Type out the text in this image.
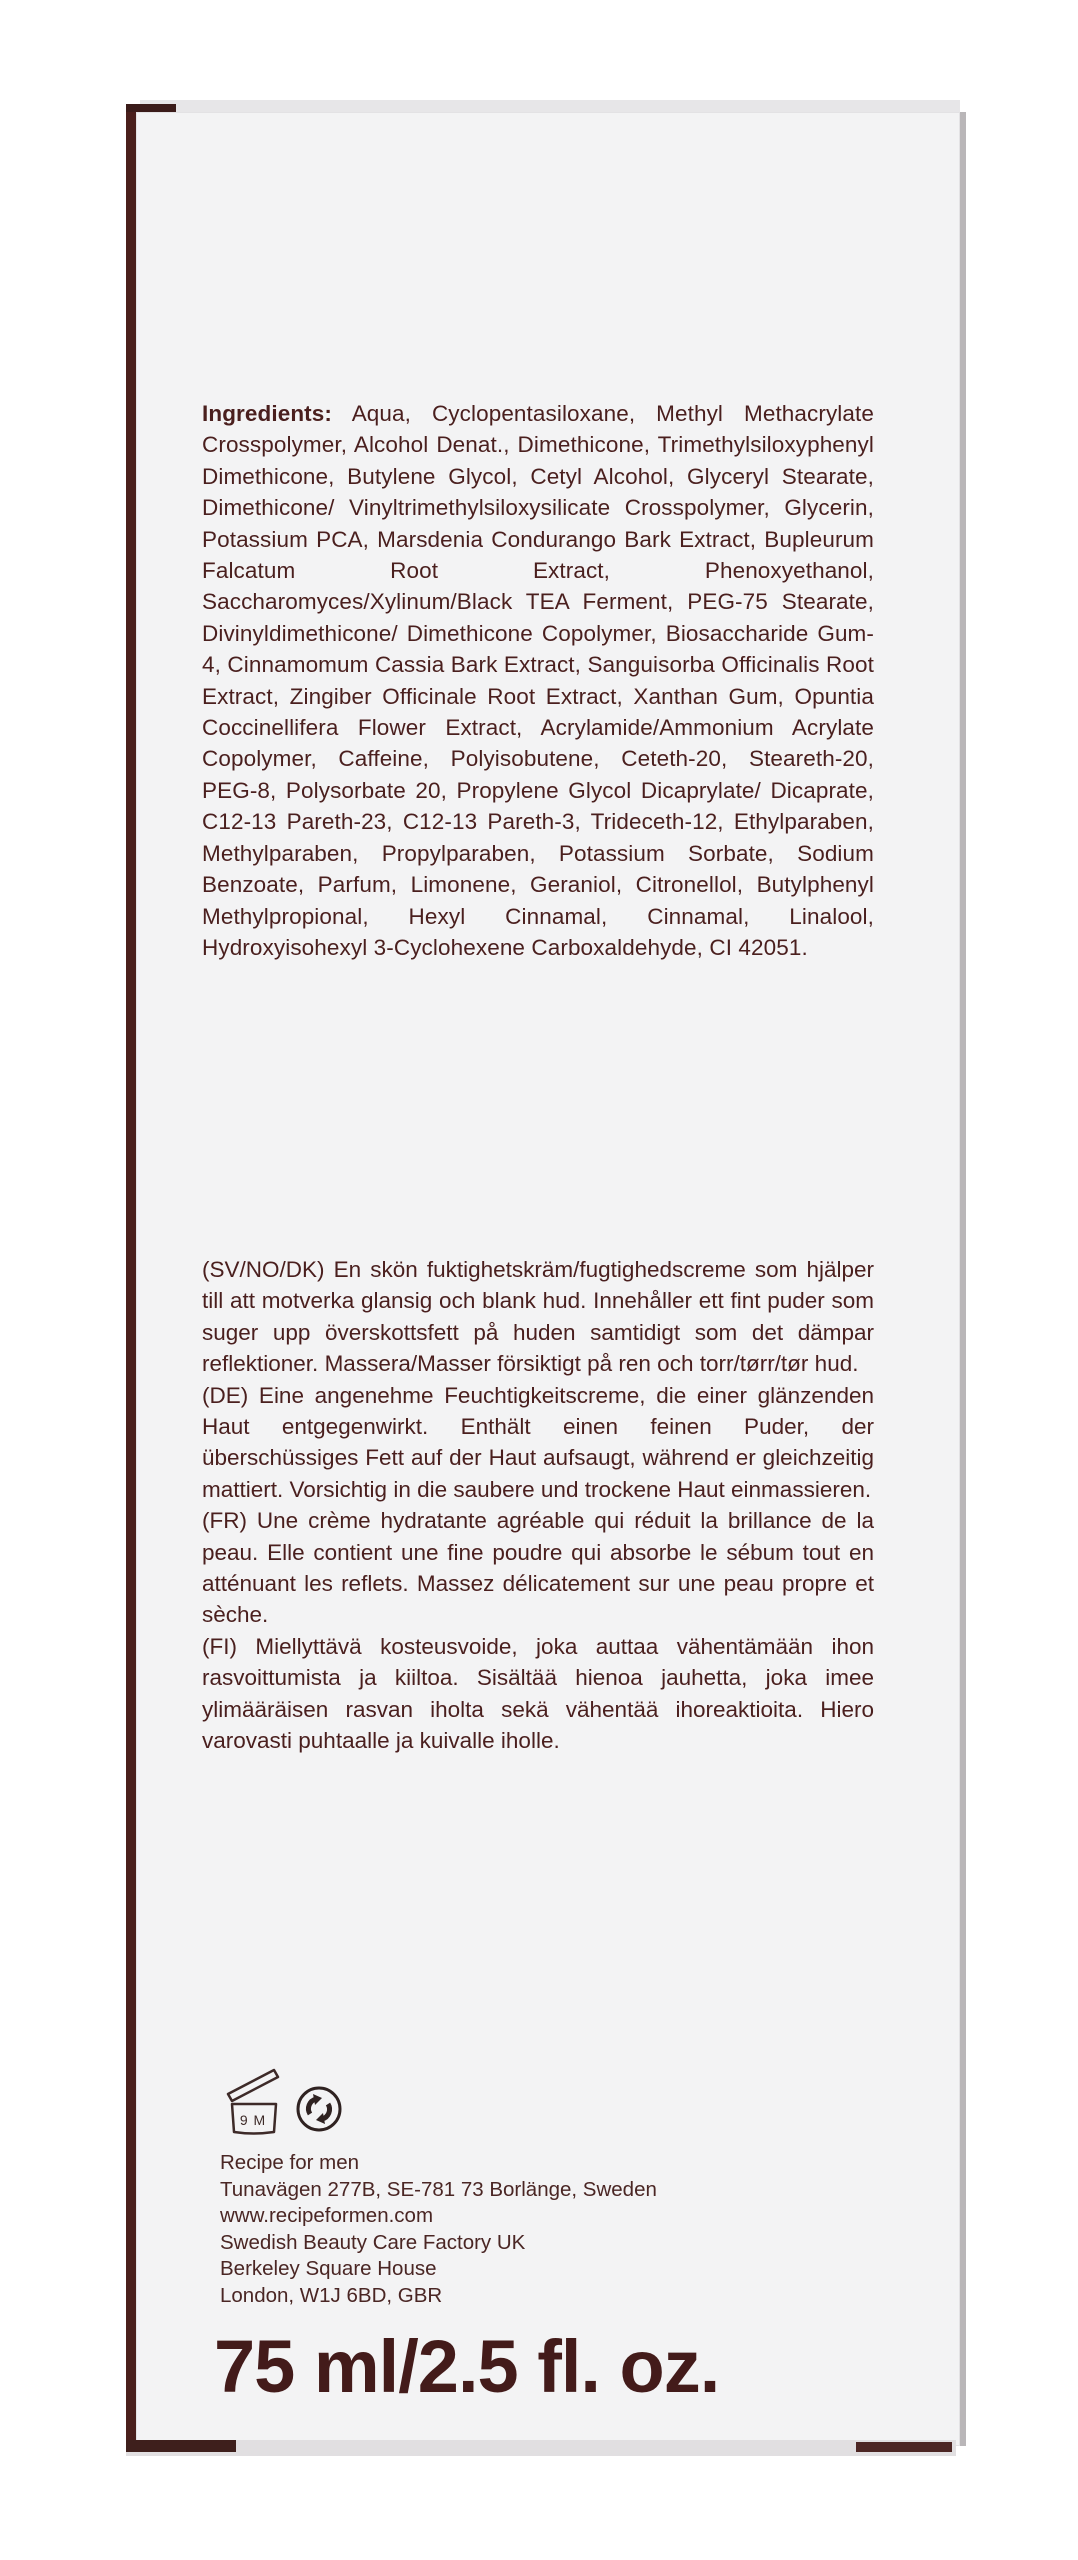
Ingredients: Aqua, Cyclopentasiloxane, Methyl Methacrylate Crosspolymer, Alcohol Denat., Dimethicone, Trimethylsiloxyphenyl Dimethicone, Butylene Glycol, Cetyl Alcohol, Glyceryl Stearate, Dimethicone/ Vinyltrimethylsiloxysilicate Crosspolymer, Glycerin, Potassium PCA, Marsdenia Condurango Bark Extract, Bupleurum Falcatum Root Extract, Phenoxyethanol, Saccharomyces/Xylinum/Black TEA Ferment, PEG-75 Stearate, Divinyldimethicone/ Dimethicone Copolymer, Biosaccharide Gum-4, Cinnamomum Cassia Bark Extract, Sanguisorba Officinalis Root Extract, Zingiber Officinale Root Extract, Xanthan Gum, Opuntia Coccinellifera Flower Extract, Acrylamide/Ammonium Acrylate Copolymer, Caffeine, Polyisobutene, Ceteth-20, Steareth-20, PEG-8, Polysorbate 20, Propylene Glycol Dicaprylate/ Dicaprate, C12-13 Pareth-23, C12-13 Pareth-3, Trideceth-12, Ethylparaben, Methylparaben, Propylparaben, Potassium Sorbate, Sodium Benzoate, Parfum, Limonene, Geraniol, Citronellol, Butylphenyl Methylpropional, Hexyl Cinnamal, Cinnamal, Linalool, Hydroxyisohexyl 3-Cyclohexene Carboxaldehyde, CI 42051.

(SV/NO/DK) En skön fuktighetskräm/fugtighedscreme som hjälper till att motverka glansig och blank hud. Innehåller ett fint puder som suger upp överskottsfett på huden samtidigt som det dämpar reflektioner. Massera/Masser försiktigt på ren och torr/tørr/tør hud.

(DE) Eine angenehme Feuchtigkeitscreme, die einer glänzenden Haut entgegenwirkt. Enthält einen feinen Puder, der überschüssiges Fett auf der Haut aufsaugt, während er gleichzeitig mattiert. Vorsichtig in die saubere und trockene Haut einmassieren.

(FR) Une crème hydratante agréable qui réduit la brillance de la peau. Elle contient une fine poudre qui absorbe le sébum tout en atténuant les reflets. Massez délicatement sur une peau propre et sèche.

(FI) Miellyttävä kosteusvoide, joka auttaa vähentämään ihon rasvoittumista ja kiiltoa. Sisältää hienoa jauhetta, joka imee ylimääräisen rasvan iholta sekä vähentää ihoreaktioita. Hiero varovasti puhtaalle ja kuivalle iholle.

9 M
Recipe for men
Tunavägen 277B, SE-781 73 Borlänge, Sweden
www.recipeformen.com
Swedish Beauty Care Factory UK
Berkeley Square House
London, W1J 6BD, GBR
75 ml/2.5 fl. oz.
